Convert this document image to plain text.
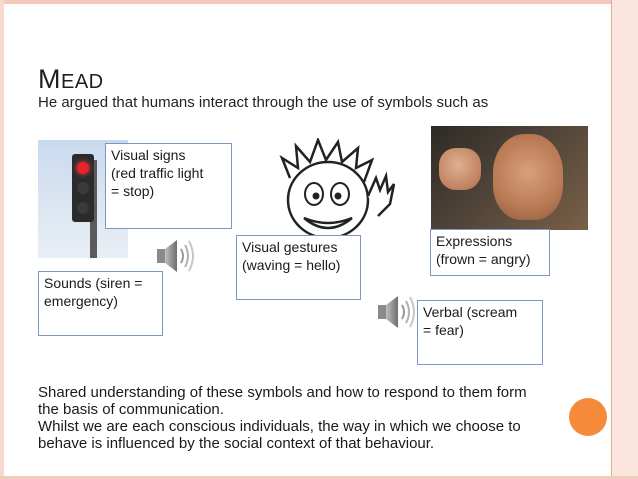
MEAD
He argued that humans interact through the use of symbols such as
Visual signs
(red traffic light
= stop)
Sounds (siren =
emergency)
Visual gestures
(waving = hello)
Expressions
(frown = angry)
Verbal (scream
= fear)
Shared understanding of these symbols and how to respond to them form
the basis of communication.
Whilst we are each conscious individuals, the way in which we choose to
behave is influenced by the social context of that behaviour.
